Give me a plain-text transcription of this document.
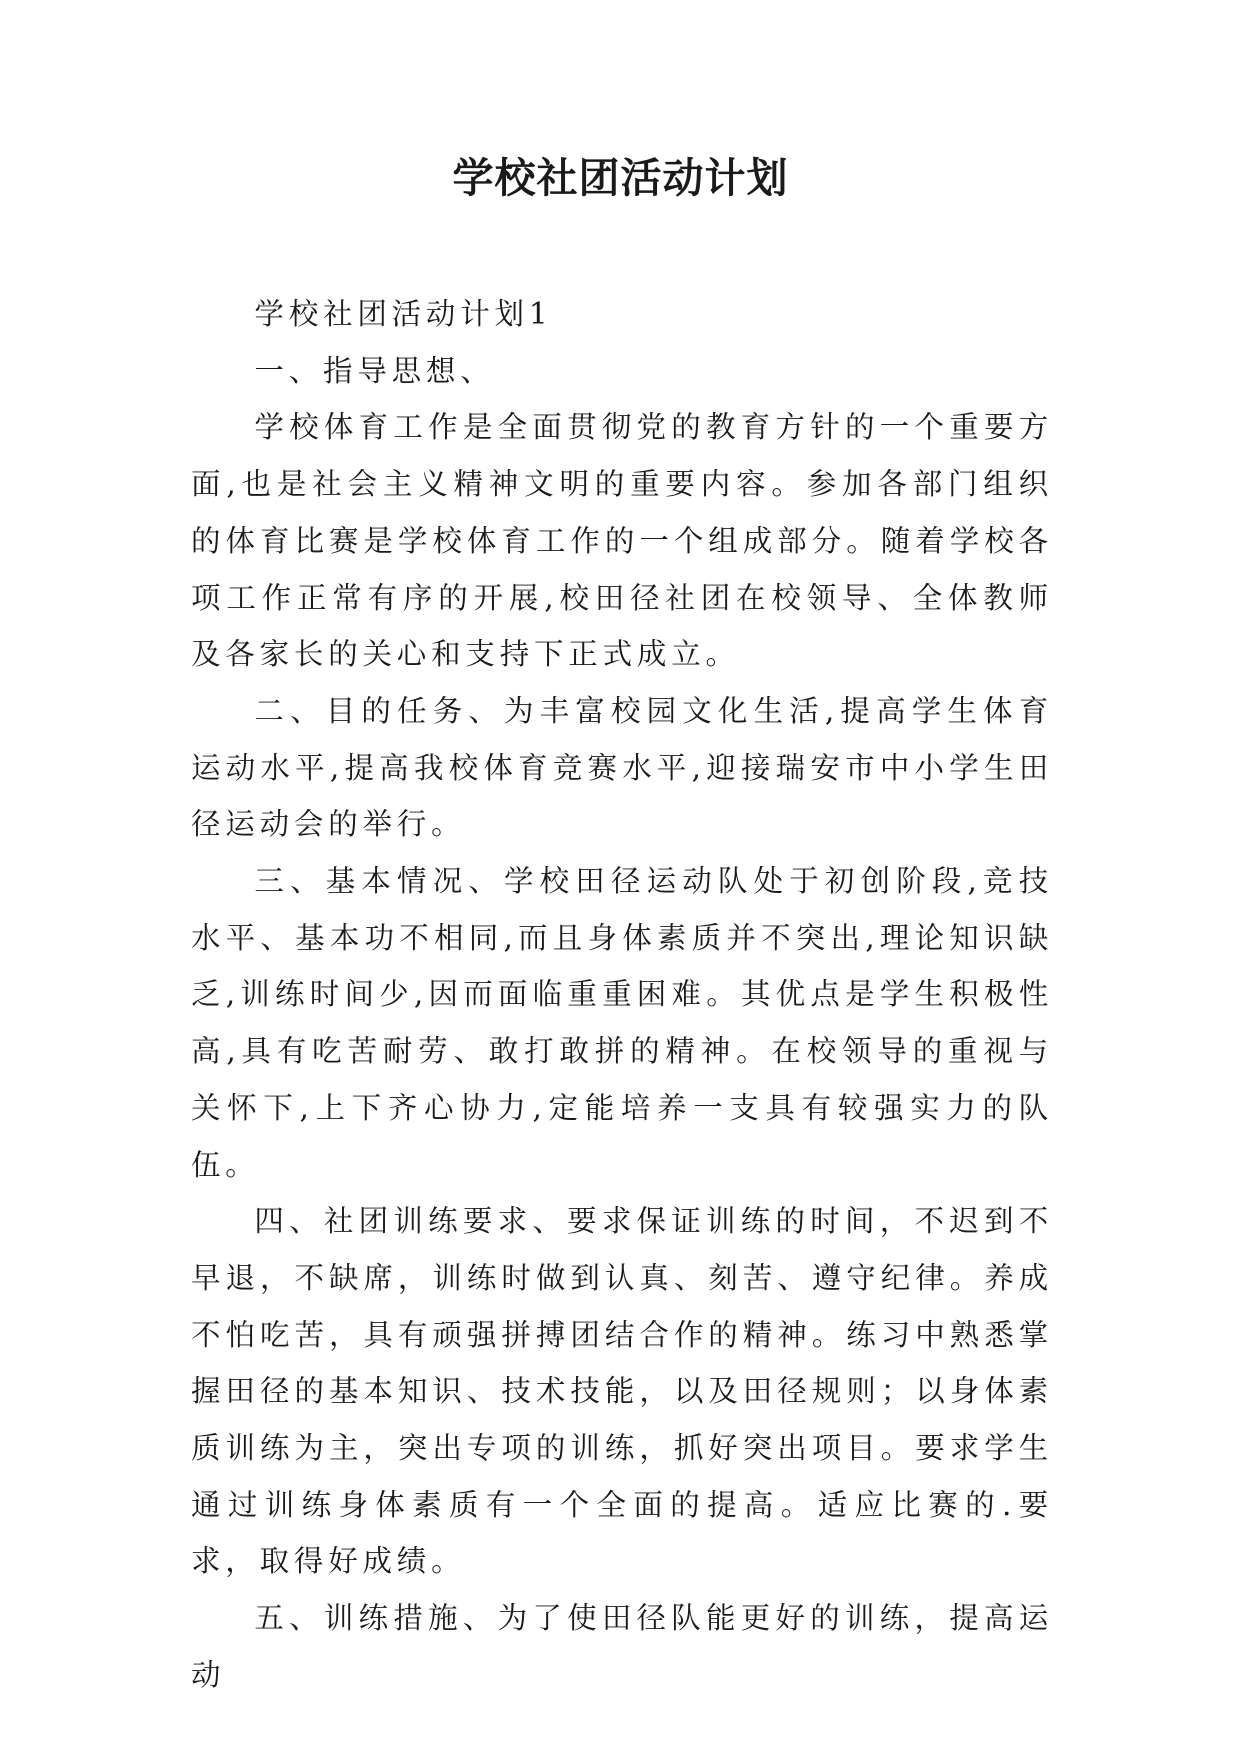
学校社团活动计划

学校社团活动计划1

一、指导思想、

学校体育工作是全面贯彻党的教育方针的一个重要方面,也是社会主义精神文明的重要内容。参加各部门组织的体育比赛是学校体育工作的一个组成部分。随着学校各项工作正常有序的开展,校田径社团在校领导、全体教师及各家长的关心和支持下正式成立。

二、目的任务、为丰富校园文化生活,提高学生体育运动水平,提高我校体育竞赛水平,迎接瑞安市中小学生田径运动会的举行。

三、基本情况、学校田径运动队处于初创阶段,竞技水平、基本功不相同,而且身体素质并不突出,理论知识缺乏,训练时间少,因而面临重重困难。其优点是学生积极性高,具有吃苦耐劳、敢打敢拼的精神。在校领导的重视与关怀下,上下齐心协力,定能培养一支具有较强实力的队伍。

四、社团训练要求、要求保证训练的时间，不迟到不早退，不缺席，训练时做到认真、刻苦、遵守纪律。养成不怕吃苦，具有顽强拼搏团结合作的精神。练习中熟悉掌握田径的基本知识、技术技能，以及田径规则；以身体素质训练为主，突出专项的训练，抓好突出项目。要求学生通过训练身体素质有一个全面的提高。适应比赛的.要求，取得好成绩。

五、训练措施、为了使田径队能更好的训练，提高运动
